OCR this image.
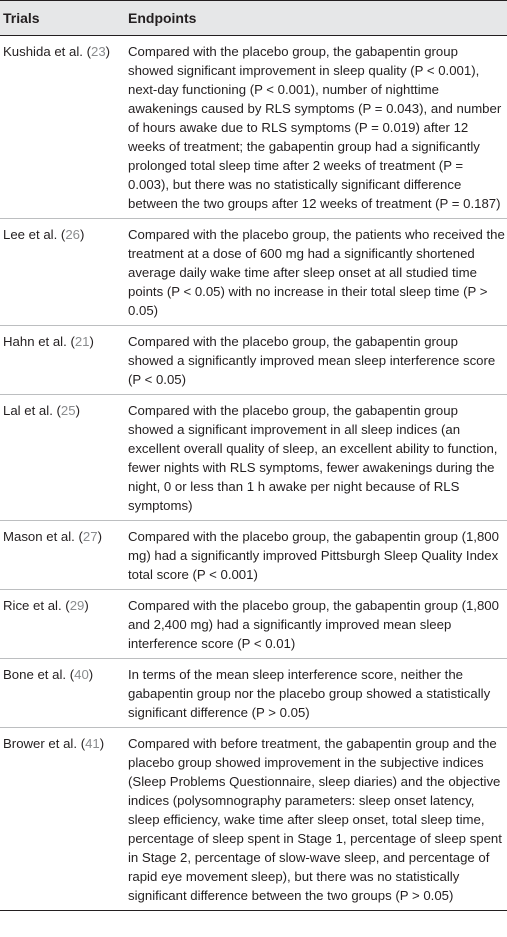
Trials	Endpoints
Kushida et al. (23)	Compared with the placebo group, the gabapentin group showed significant improvement in sleep quality (P < 0.001), next-day functioning (P < 0.001), number of nighttime awakenings caused by RLS symptoms (P = 0.043), and number of hours awake due to RLS symptoms (P = 0.019) after 12 weeks of treatment; the gabapentin group had a significantly prolonged total sleep time after 2 weeks of treatment (P = 0.003), but there was no statistically significant difference between the two groups after 12 weeks of treatment (P = 0.187)
Lee et al. (26)	Compared with the placebo group, the patients who received the treatment at a dose of 600 mg had a significantly shortened average daily wake time after sleep onset at all studied time points (P < 0.05) with no increase in their total sleep time (P > 0.05)
Hahn et al. (21)	Compared with the placebo group, the gabapentin group showed a significantly improved mean sleep interference score (P < 0.05)
Lal et al. (25)	Compared with the placebo group, the gabapentin group showed a significant improvement in all sleep indices (an excellent overall quality of sleep, an excellent ability to function, fewer nights with RLS symptoms, fewer awakenings during the night, 0 or less than 1 h awake per night because of RLS symptoms)
Mason et al. (27)	Compared with the placebo group, the gabapentin group (1,800 mg) had a significantly improved Pittsburgh Sleep Quality Index total score (P < 0.001)
Rice et al. (29)	Compared with the placebo group, the gabapentin group (1,800 and 2,400 mg) had a significantly improved mean sleep interference score (P < 0.01)
Bone et al. (40)	In terms of the mean sleep interference score, neither the gabapentin group nor the placebo group showed a statistically significant difference (P > 0.05)
Brower et al. (41)	Compared with before treatment, the gabapentin group and the placebo group showed improvement in the subjective indices (Sleep Problems Questionnaire, sleep diaries) and the objective indices (polysomnography parameters: sleep onset latency, sleep efficiency, wake time after sleep onset, total sleep time, percentage of sleep spent in Stage 1, percentage of sleep spent in Stage 2, percentage of slow-wave sleep, and percentage of rapid eye movement sleep), but there was no statistically significant difference between the two groups (P > 0.05)
